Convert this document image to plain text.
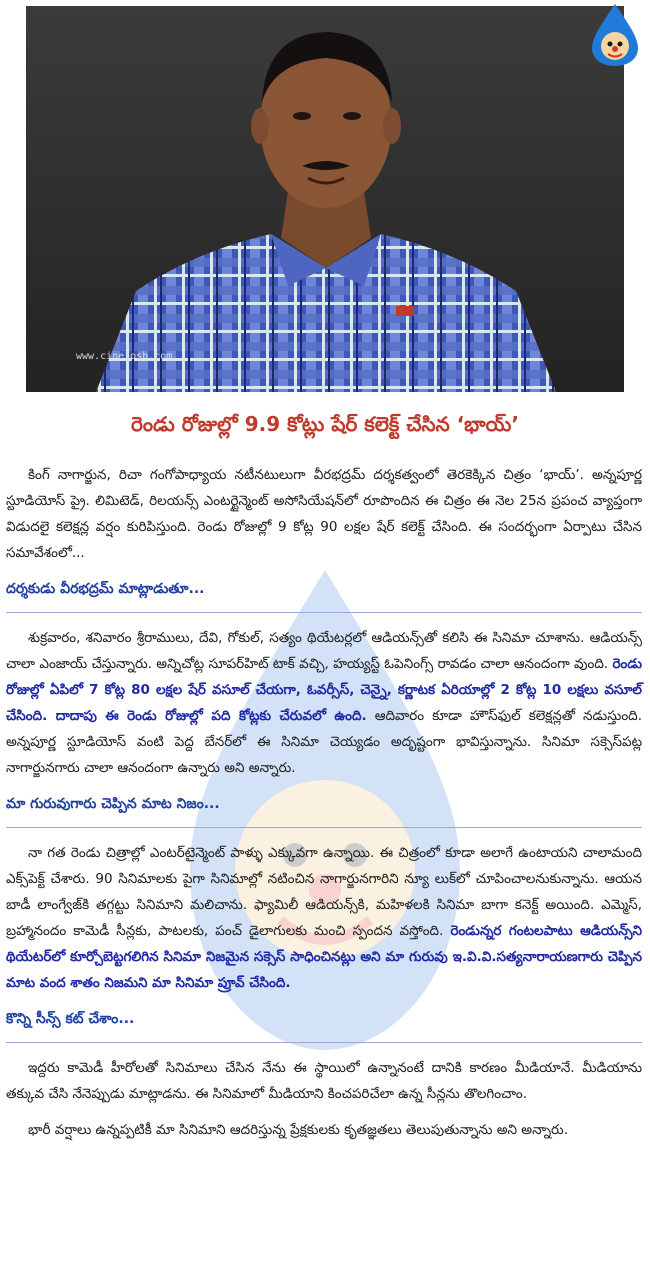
www.cinejosh.com
రెండు రోజుల్లో 9.9 కోట్లు షేర్ కలెక్ట్ చేసిన ‘భాయ్’

కింగ్ నాగార్జున, రిచా గంగోపాధ్యాయ నటీనటులుగా వీరభద్రమ్ దర్శకత్వంలో తెరకెక్కిన చిత్రం ‘భాయ్’. అన్నపూర్ణ స్టూడియోస్ ప్రై. లిమిటెడ్, రిలయన్స్ ఎంటర్టైన్మెంట్ అసోసియేషన్‌లో రూపొందిన ఈ చిత్రం ఈ నెల 25న ప్రపంచ వ్యాప్తంగా విడుదలై కలెక్షన్ల వర్షం కురిపిస్తుంది. రెండు రోజుల్లో 9 కోట్ల 90 లక్షల షేర్ కలెక్ట్ చేసింది. ఈ సందర్భంగా ఏర్పాటు చేసిన సమావేశంలో...

దర్శకుడు వీరభద్రమ్ మాట్లాడుతూ...

శుక్రవారం, శనివారం శ్రీరాములు, దేవి, గోకుల్, సత్యం థియేటర్లలో ఆడియన్స్‌తో కలిసి ఈ సినిమా చూశాను. ఆడియన్స్ చాలా ఎంజాయ్ చేస్తున్నారు. అన్నిచోట్ల సూపర్‌హిట్ టాక్ వచ్చి, హయ్యస్ట్ ఓపెనింగ్స్ రావడం చాలా ఆనందంగా వుంది. రెండు రోజుల్లో ఏపిలో 7 కోట్ల 80 లక్షల షేర్ వసూల్ చేయగా, ఓవర్సీస్, చెన్నై, కర్ణాటక ఏరియాల్లో 2 కోట్ల 10 లక్షలు వసూల్ చేసింది. దాదాపు ఈ రెండు రోజుల్లో పది కోట్లకు చేరువలో ఉంది. ఆదివారం కూడా హౌస్‌ఫుల్ కలెక్షన్లతో నడుస్తుంది. అన్నపూర్ణ స్టూడియోస్ వంటి పెద్ద బేనర్‌లో ఈ సినిమా చెయ్యడం అదృష్టంగా భావిస్తున్నాను. సినిమా సక్సెస్‌పట్ల నాగార్జునగారు చాలా ఆనందంగా ఉన్నారు అని అన్నారు.

మా గురువుగారు చెప్పిన మాట నిజం...

నా గత రెండు చిత్రాల్లో ఎంటర్‌టైన్మెంట్ పాళ్ళు ఎక్కువగా ఉన్నాయి. ఈ చిత్రంలో కూడా అలాగే ఉంటాయని చాలామంది ఎక్స్‌పెక్ట్ చేశారు. 90 సినిమాలకు పైగా సినిమాల్లో నటించిన నాగార్జునగారిని న్యూ లుక్‌లో చూపించాలనుకున్నాను. ఆయన బాడీ లాంగ్వేజ్‌కి తగ్గట్టు సినిమాని మలిచాను. ఫ్యామిలీ ఆడియన్స్‌కి, మహిళలకి సినిమా బాగా కనెక్ట్ అయింది. ఎమ్మెస్, బ్రహ్మానందం కామెడీ సీన్లకు, పాటలకు, పంచ్ డైలాగులకు మంచి స్పందన వస్తోంది. రెండున్నర గంటలపాటు ఆడియన్స్‌ని థియేటర్‌లో కూర్చోబెట్టగలిగిన సినిమా నిజమైన సక్సెస్ సాధించినట్లు అని మా గురువు ఇ.వి.వి.సత్యనారాయణగారు చెప్పిన మాట వంద శాతం నిజమని మా సినిమా ప్రూవ్ చేసింది.

కొన్ని సీన్స్ కట్ చేశాం...

ఇద్దరు కామెడీ హీరోలతో సినిమాలు చేసిన నేను ఈ స్థాయిలో ఉన్నానంటే దానికి కారణం మీడియానే. మీడియాను తక్కువ చేసి నేనెప్పుడు మాట్లాడను. ఈ సినిమాలో మీడియాని కించపరిచేలా ఉన్న సీన్లను తొలగించాం.

భారీ వర్షాలు ఉన్నప్పటికీ మా సినిమాని ఆదరిస్తున్న ప్రేక్షకులకు కృతజ్ఞతలు తెలుపుతున్నాను అని అన్నారు.
